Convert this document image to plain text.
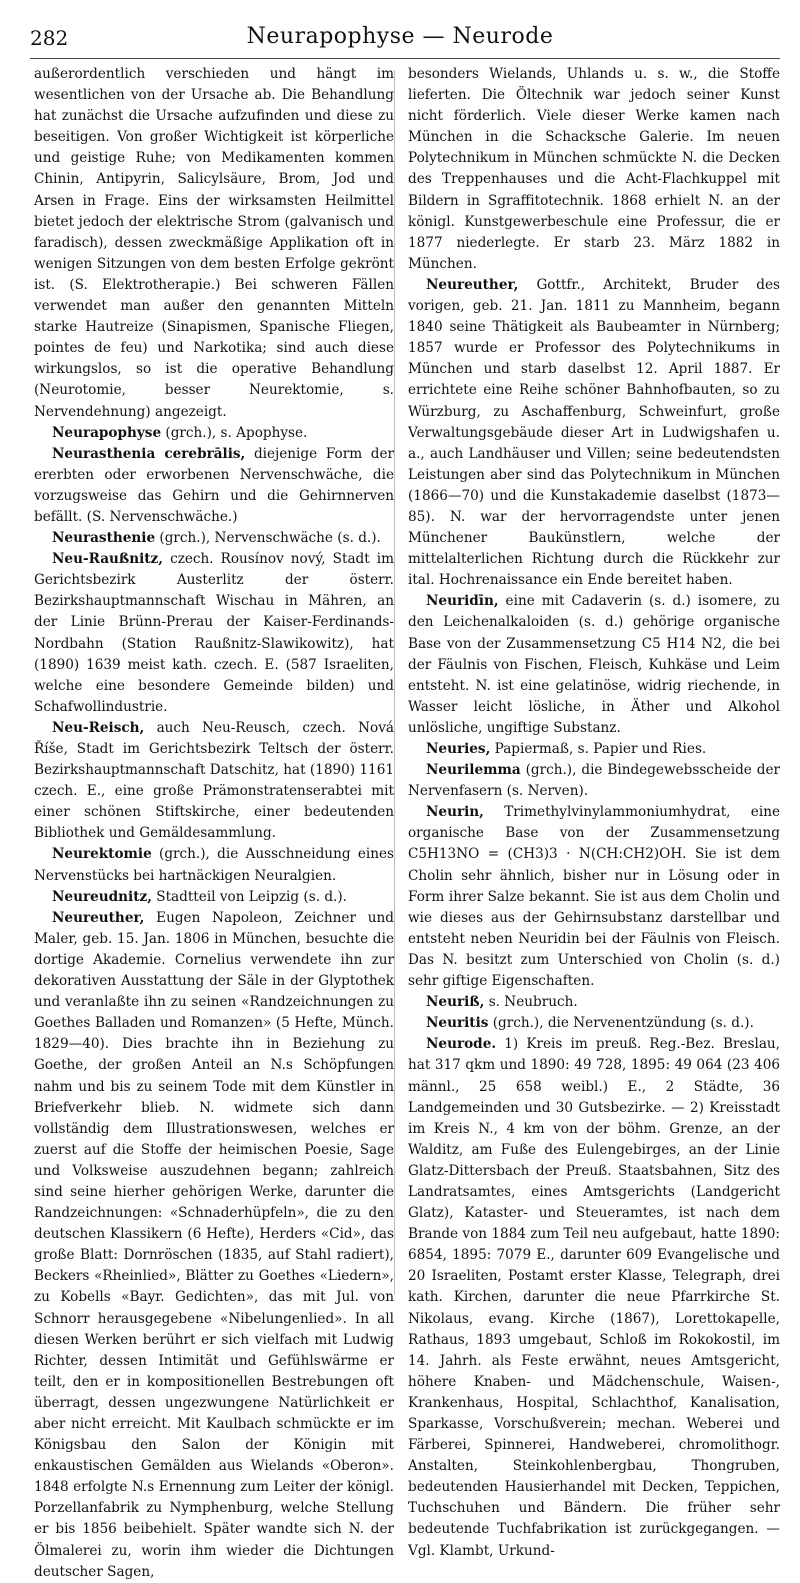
282	Neurapophyse — Neurode

außerordentlich verschieden und hängt im wesentlichen von der Ursache ab. Die Behandlung hat zunächst die Ursache aufzufinden und diese zu beseitigen. Von großer Wichtigkeit ist körperliche und geistige Ruhe; von Medikamenten kommen Chinin, Antipyrin, Salicylsäure, Brom, Jod und Arsen in Frage. Eins der wirksamsten Heilmittel bietet jedoch der elektrische Strom (galvanisch und faradisch), dessen zweckmäßige Applikation oft in wenigen Sitzungen von dem besten Erfolge gekrönt ist. (S. Elektrotherapie.) Bei schweren Fällen verwendet man außer den genannten Mitteln starke Hautreize (Sinapismen, Spanische Fliegen, pointes de feu) und Narkotika; sind auch diese wirkungslos, so ist die operative Behandlung (Neurotomie, besser Neurektomie, s. Nervendehnung) angezeigt.

Neurapophyse (grch.), s. Apophyse.

Neurasthenia cerebrālis, diejenige Form der ererbten oder erworbenen Nervenschwäche, die vorzugsweise das Gehirn und die Gehirnnerven befällt. (S. Nervenschwäche.)

Neurasthenie (grch.), Nervenschwäche (s. d.).

Neu-Raußnitz, czech. Rousínov nový, Stadt im Gerichtsbezirk Austerlitz der österr. Bezirkshauptmannschaft Wischau in Mähren, an der Linie Brünn-Prerau der Kaiser-Ferdinands-Nordbahn (Station Raußnitz-Slawikowitz), hat (1890) 1639 meist kath. czech. E. (587 Israeliten, welche eine besondere Gemeinde bilden) und Schafwollindustrie.

Neu-Reisch, auch Neu-Reusch, czech. Nová Říše, Stadt im Gerichtsbezirk Teltsch der österr. Bezirkshauptmannschaft Datschitz, hat (1890) 1161 czech. E., eine große Prämonstratenserabtei mit einer schönen Stiftskirche, einer bedeutenden Bibliothek und Gemäldesammlung.

Neurektomie (grch.), die Ausschneidung eines Nervenstücks bei hartnäckigen Neuralgien.

Neureudnitz, Stadtteil von Leipzig (s. d.).

Neureuther, Eugen Napoleon, Zeichner und Maler, geb. 15. Jan. 1806 in München, besuchte die dortige Akademie. Cornelius verwendete ihn zur dekorativen Ausstattung der Säle in der Glyptothek und veranlaßte ihn zu seinen «Randzeichnungen zu Goethes Balladen und Romanzen» (5 Hefte, Münch. 1829—40). Dies brachte ihn in Beziehung zu Goethe, der großen Anteil an N.s Schöpfungen nahm und bis zu seinem Tode mit dem Künstler in Briefverkehr blieb. N. widmete sich dann vollständig dem Illustrationswesen, welches er zuerst auf die Stoffe der heimischen Poesie, Sage und Volksweise auszudehnen begann; zahlreich sind seine hierher gehörigen Werke, darunter die Randzeichnungen: «Schnaderhüpfeln», die zu den deutschen Klassikern (6 Hefte), Herders «Cid», das große Blatt: Dornröschen (1835, auf Stahl radiert), Beckers «Rheinlied», Blätter zu Goethes «Liedern», zu Kobells «Bayr. Gedichten», das mit Jul. von Schnorr herausgegebene «Nibelungenlied». In all diesen Werken berührt er sich vielfach mit Ludwig Richter, dessen Intimität und Gefühlswärme er teilt, den er in kompositionellen Bestrebungen oft überragt, dessen ungezwungene Natürlichkeit er aber nicht erreicht. Mit Kaulbach schmückte er im Königsbau den Salon der Königin mit enkaustischen Gemälden aus Wielands «Oberon». 1848 erfolgte N.s Ernennung zum Leiter der königl. Porzellanfabrik zu Nymphenburg, welche Stellung er bis 1856 beibehielt. Später wandte sich N. der Ölmalerei zu, worin ihm wieder die Dichtungen deutscher Sagen,

besonders Wielands, Uhlands u. s. w., die Stoffe lieferten. Die Öltechnik war jedoch seiner Kunst nicht förderlich. Viele dieser Werke kamen nach München in die Schacksche Galerie. Im neuen Polytechnikum in München schmückte N. die Decken des Treppenhauses und die Acht-Flachkuppel mit Bildern in Sgraffitotechnik. 1868 erhielt N. an der königl. Kunstgewerbeschule eine Professur, die er 1877 niederlegte. Er starb 23. März 1882 in München.

Neureuther, Gottfr., Architekt, Bruder des vorigen, geb. 21. Jan. 1811 zu Mannheim, begann 1840 seine Thätigkeit als Baubeamter in Nürnberg; 1857 wurde er Professor des Polytechnikums in München und starb daselbst 12. April 1887. Er errichtete eine Reihe schöner Bahnhofbauten, so zu Würzburg, zu Aschaffenburg, Schweinfurt, große Verwaltungsgebäude dieser Art in Ludwigshafen u. a., auch Landhäuser und Villen; seine bedeutendsten Leistungen aber sind das Polytechnikum in München (1866—70) und die Kunstakademie daselbst (1873—85). N. war der hervorragendste unter jenen Münchener Baukünstlern, welche der mittelalterlichen Richtung durch die Rückkehr zur ital. Hochrenaissance ein Ende bereitet haben.

Neuridīn, eine mit Cadaverin (s. d.) isomere, zu den Leichenalkaloiden (s. d.) gehörige organische Base von der Zusammensetzung C5 H14 N2, die bei der Fäulnis von Fischen, Fleisch, Kuhkäse und Leim entsteht. N. ist eine gelatinöse, widrig riechende, in Wasser leicht lösliche, in Äther und Alkohol unlösliche, ungiftige Substanz.

Neuries, Papiermaß, s. Papier und Ries.

Neurilemma (grch.), die Bindegewebsscheide der Nervenfasern (s. Nerven).

Neurin, Trimethylvinylammoniumhydrat, eine organische Base von der Zusammensetzung C5H13NO = (CH3)3 · N(CH:CH2)OH. Sie ist dem Cholin sehr ähnlich, bisher nur in Lösung oder in Form ihrer Salze bekannt. Sie ist aus dem Cholin und wie dieses aus der Gehirnsubstanz darstellbar und entsteht neben Neuridin bei der Fäulnis von Fleisch. Das N. besitzt zum Unterschied von Cholin (s. d.) sehr giftige Eigenschaften.

Neuriß, s. Neubruch.

Neuritis (grch.), die Nervenentzündung (s. d.).

Neurode. 1) Kreis im preuß. Reg.-Bez. Breslau, hat 317 qkm und 1890: 49 728, 1895: 49 064 (23 406 männl., 25 658 weibl.) E., 2 Städte, 36 Landgemeinden und 30 Gutsbezirke. — 2) Kreisstadt im Kreis N., 4 km von der böhm. Grenze, an der Walditz, am Fuße des Eulengebirges, an der Linie Glatz-Dittersbach der Preuß. Staatsbahnen, Sitz des Landratsamtes, eines Amtsgerichts (Landgericht Glatz), Kataster- und Steueramtes, ist nach dem Brande von 1884 zum Teil neu aufgebaut, hatte 1890: 6854, 1895: 7079 E., darunter 609 Evangelische und 20 Israeliten, Postamt erster Klasse, Telegraph, drei kath. Kirchen, darunter die neue Pfarrkirche St. Nikolaus, evang. Kirche (1867), Lorettokapelle, Rathaus, 1893 umgebaut, Schloß im Rokokostil, im 14. Jahrh. als Feste erwähnt, neues Amtsgericht, höhere Knaben- und Mädchenschule, Waisen-, Krankenhaus, Hospital, Schlachthof, Kanalisation, Sparkasse, Vorschußverein; mechan. Weberei und Färberei, Spinnerei, Handweberei, chromolithogr. Anstalten, Steinkohlenbergbau, Thongruben, bedeutenden Hausierhandel mit Decken, Teppichen, Tuchschuhen und Bändern. Die früher sehr bedeutende Tuchfabrikation ist zurückgegangen. — Vgl. Klambt, Urkund-
